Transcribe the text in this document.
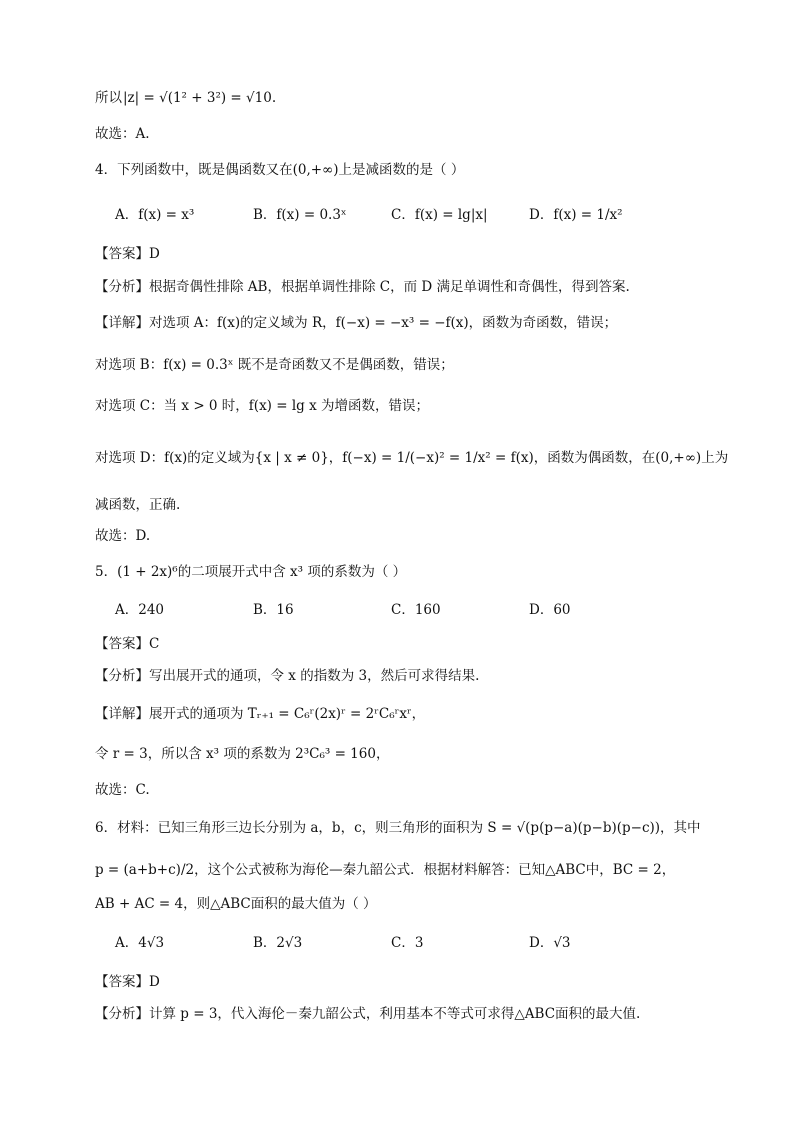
所以 |z| = √(1² + 3²) = √10.
故选：A.
4．下列函数中，既是偶函数又在(0,+∞)上是减函数的是（ ）
A．f(x) = x³	B．f(x) = 0.3ˣ	C．f(x) = lg|x|	D．f(x) = 1/x²
【答案】D
【分析】根据奇偶性排除 AB，根据单调性排除 C，而 D 满足单调性和奇偶性，得到答案.
【详解】对选项 A：f(x)的定义域为 R，f(−x) = −x³ = −f(x)，函数为奇函数，错误；
对选项 B：f(x) = 0.3ˣ 既不是奇函数又不是偶函数，错误；
对选项 C：当 x > 0 时，f(x) = lg x 为增函数，错误；
对选项 D：f(x)的定义域为{x | x ≠ 0}，f(−x) = 1/(−x)² = 1/x² = f(x)，函数为偶函数，在(0,+∞)上为
减函数，正确.
故选：D.
5．(1 + 2x)⁶的二项展开式中含 x³ 项的系数为（ ）
A．240	B．16	C．160	D．60
【答案】C
【分析】写出展开式的通项，令 x 的指数为 3，然后可求得结果.
【详解】展开式的通项为 Tᵣ₊₁ = C₆ʳ(2x)ʳ = 2ʳC₆ʳxʳ，
令 r = 3，所以含 x³ 项的系数为 2³C₆³ = 160，
故选：C.
6．材料：已知三角形三边长分别为 a，b，c，则三角形的面积为 S = √(p(p−a)(p−b)(p−c))，其中
p = (a+b+c)/2，这个公式被称为海伦—秦九韶公式．根据材料解答：已知△ABC中，BC = 2，
AB + AC = 4，则△ABC面积的最大值为（ ）
A．4√3	B．2√3	C．3	D．√3
【答案】D
【分析】计算 p = 3，代入海伦－秦九韶公式，利用基本不等式可求得△ABC面积的最大值.
